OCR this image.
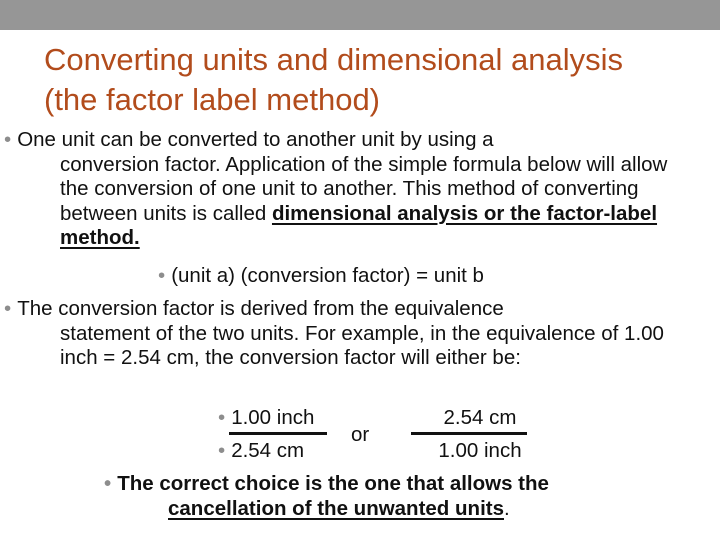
Converting units and dimensional analysis (the factor label method)
• One unit can be converted to another unit by using a
conversion factor. Application of the simple formula below will allow the conversion of one unit to another. This method of converting between units is called dimensional analysis or the factor-label method.
• (unit a) (conversion factor) = unit b
• The conversion factor is derived from the equivalence
statement of the two units. For example, in the equivalence of 1.00 inch = 2.54 cm, the conversion factor will either be:
• 1.00 inch
• 2.54 cm
or
2.54 cm
1.00 inch
• The correct choice is the one that allows the
cancellation of the unwanted units.
